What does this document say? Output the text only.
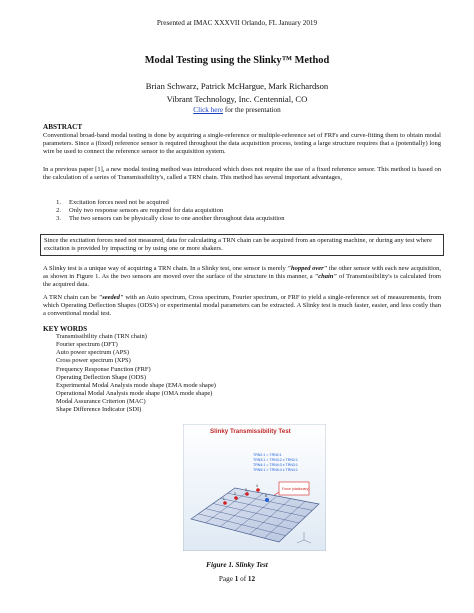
Presented at IMAC XXXVII Orlando, FL January 2019
Modal Testing using the Slinky™ Method
Brian Schwarz, Patrick McHargue, Mark Richardson
Vibrant Technology, Inc. Centennial, CO
Click here for the presentation
ABSTRACT
Conventional broad-band modal testing is done by acquiring a single-reference or multiple-reference set of FRFs and curve-fitting them to obtain modal parameters. Since a (fixed) reference sensor is required throughout the data acquisition process, testing a large structure requires that a (potentially) long wire be used to connect the reference sensor to the acquisition system.
In a previous paper [1], a new modal testing method was introduced which does not require the use of a fixed reference sensor. This method is based on the calculation of a series of Transmissibility's, called a TRN chain. This method has several important advantages,
1. Excitation forces need not be acquired
2. Only two response sensors are required for data acquisition
3. The two sensors can be physically close to one another throughout data acquisition
Since the excitation forces need not measured, data for calculating a TRN chain can be acquired from an operating machine, or during any test where excitation is provided by impacting or by using one or more shakers.
A Slinky test is a unique way of acquiring a TRN chain. In a Slinky test, one sensor is merely "hopped over" the other sensor with each new acquisition, as shown in Figure 1. As the two sensors are moved over the surface of the structure in this manner, a "chain" of Transmissibility's is calculated from the acquired data.
A TRN chain can be "seeded" with an Auto spectrum, Cross spectrum, Fourier spectrum, or FRF to yield a single-reference set of measurements, from which Operating Deflection Shapes (ODS's) or experimental modal parameters can be extracted. A Slinky test is much faster, easier, and less costly than a conventional modal test.
KEY WORDS
Transmissibility chain (TRN chain)
Fourier spectrum (DFT)
Auto power spectrum (APS)
Cross power spectrum (XPS)
Frequency Response Function (FRF)
Operating Deflection Shape (ODS)
Experimental Modal Analysis mode shape (EMA mode shape)
Operational Modal Analysis mode shape (OMA mode shape)
Modal Assurance Criterion (MAC)
Shape Difference Indicator (SDI)
Slinky Transmissibility Test
TRN2:1 = TRN2:1
TRN3:1 = TRN3:2 x TRN2:1
TRN4:1 = TRN4:3 x TRN3:1
TRN5:1 = TRN5:4 x TRN4:1
Force (stationary)
1
2
3
4
5
Figure 1. Slinky Test
Page 1 of 12
